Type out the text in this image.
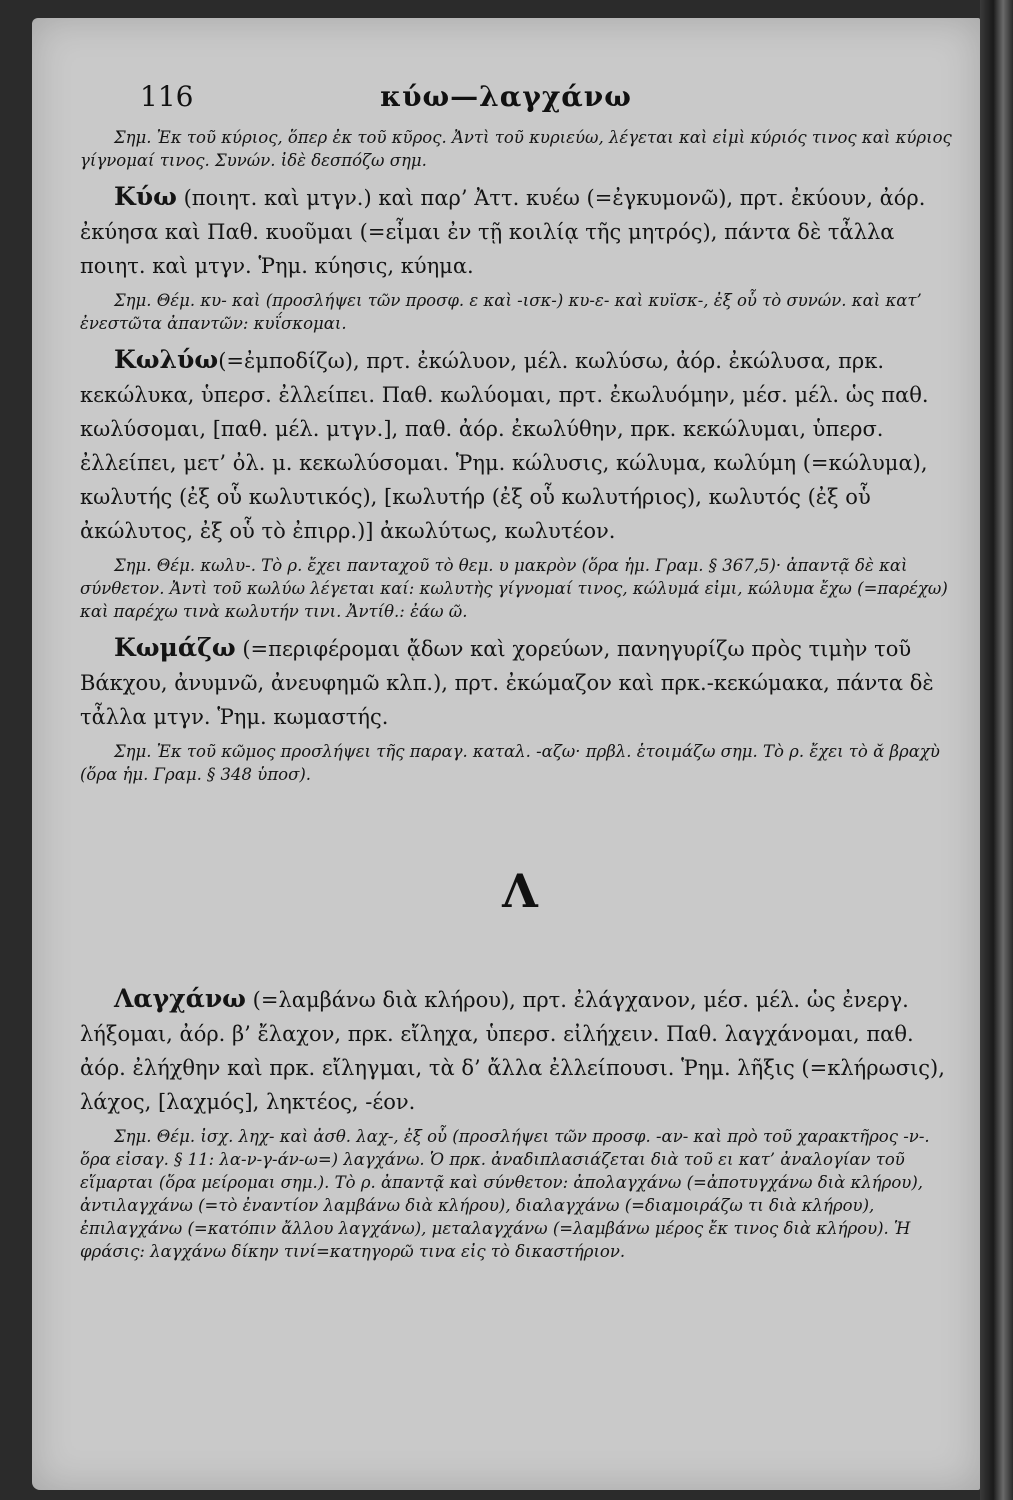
116	κύω—λαγχάνω

Σημ. Ἐκ τοῦ κύριος, ὅπερ ἐκ τοῦ κῦρος. Ἀντὶ τοῦ κυριεύω, λέγεται καὶ εἰμὶ κύριός τινος καὶ κύριος γίγνομαί τινος. Συνών. ἰδὲ δεσπόζω σημ.

Κύω (ποιητ. καὶ μτγν.) καὶ παρ’ Ἀττ. κυέω (=ἐγκυμονῶ), πρτ. ἐκύουν, ἀόρ. ἐκύησα καὶ Παθ. κυοῦμαι (=εἶμαι ἐν τῇ κοιλίᾳ τῆς μητρός), πάντα δὲ τἆλλα ποιητ. καὶ μτγν. Ῥημ. κύησις, κύημα.

Σημ. Θέμ. κυ- καὶ (προσλήψει τῶν προσφ. ε καὶ -ισκ-) κυ-ε- καὶ κυϊσκ-, ἐξ οὗ τὸ συνών. καὶ κατ’ ἐνεστῶτα ἀπαντῶν: κυΐσκομαι.

Κωλύω(=ἐμποδίζω), πρτ. ἐκώλυον, μέλ. κωλύσω, ἀόρ. ἐκώλυσα, πρκ. κεκώλυκα, ὑπερσ. ἐλλείπει. Παθ. κωλύομαι, πρτ. ἐκωλυόμην, μέσ. μέλ. ὡς παθ. κωλύσομαι, [παθ. μέλ. μτγν.], παθ. ἀόρ. ἐκωλύθην, πρκ. κεκώλυμαι, ὑπερσ. ἐλλείπει, μετ’ ὀλ. μ. κεκωλύσομαι. Ῥημ. κώλυσις, κώλυμα, κωλύμη (=κώλυμα), κωλυτής (ἐξ οὗ κωλυτικός), [κωλυτήρ (ἐξ οὗ κωλυτήριος), κωλυτός (ἐξ οὗ ἀκώλυτος, ἐξ οὗ τὸ ἐπιρρ.)] ἀκωλύτως, κωλυτέον.

Σημ. Θέμ. κωλυ-. Τὸ ρ. ἔχει πανταχοῦ τὸ θεμ. υ μακρὸν (ὅρα ἡμ. Γραμ. § 367,5)· ἀπαντᾷ δὲ καὶ σύνθετον. Ἀντὶ τοῦ κωλύω λέγεται καί: κωλυτὴς γίγνομαί τινος, κώλυμά εἰμι, κώλυμα ἔχω (=παρέχω) καὶ παρέχω τινὰ κωλυτήν τινι. Ἀντίθ.: ἐάω ῶ.

Κωμάζω (=περιφέρομαι ᾄδων καὶ χορεύων, πανηγυρίζω πρὸς τιμὴν τοῦ Βάκχου, ἀνυμνῶ, ἀνευφημῶ κλπ.), πρτ. ἐκώμαζον καὶ πρκ.-κεκώμακα, πάντα δὲ τἆλλα μτγν. Ῥημ. κωμαστής.

Σημ. Ἐκ τοῦ κῶμος προσλήψει τῆς παραγ. καταλ. -αζω· πρβλ. ἑτοιμάζω σημ. Τὸ ρ. ἔχει τὸ ᾰ βραχὺ (ὅρα ἡμ. Γραμ. § 348 ὑποσ).

Λ

Λαγχάνω (=λαμβάνω διὰ κλήρου), πρτ. ἐλάγχανον, μέσ. μέλ. ὡς ἐνεργ. λήξομαι, ἀόρ. β’ ἔλαχον, πρκ. εἴληχα, ὑπερσ. εἰλήχειν. Παθ. λαγχάνομαι, παθ. ἀόρ. ἐλήχθην καὶ πρκ. εἴληγμαι, τὰ δ’ ἄλλα ἐλλείπουσι. Ῥημ. λῆξις (=κλήρωσις), λάχος, [λαχμός], ληκτέος, -έον.

Σημ. Θέμ. ἰσχ. ληχ- καὶ ἀσθ. λαχ-, ἐξ οὗ (προσλήψει τῶν προσφ. -αν- καὶ πρὸ τοῦ χαρακτῆρος -ν-. ὅρα εἰσαγ. § 11: λα-ν-γ-άν-ω=) λαγχάνω. Ὁ πρκ. ἀναδιπλασιάζεται διὰ τοῦ ει κατ’ ἀναλογίαν τοῦ εἵμαρται (ὅρα μείρομαι σημ.). Τὸ ρ. ἀπαντᾷ καὶ σύνθετον: ἀπολαγχάνω (=ἀποτυγχάνω διὰ κλήρου), ἀντιλαγχάνω (=τὸ ἐναντίον λαμβάνω διὰ κλήρου), διαλαγχάνω (=διαμοιράζω τι διὰ κλήρου), ἐπιλαγχάνω (=κατόπιν ἄλλου λαγχάνω), μεταλαγχάνω (=λαμβάνω μέρος ἔκ τινος διὰ κλήρου). Ἡ φράσις: λαγχάνω δίκην τινί=κατηγορῶ τινα εἰς τὸ δικαστήριον.
